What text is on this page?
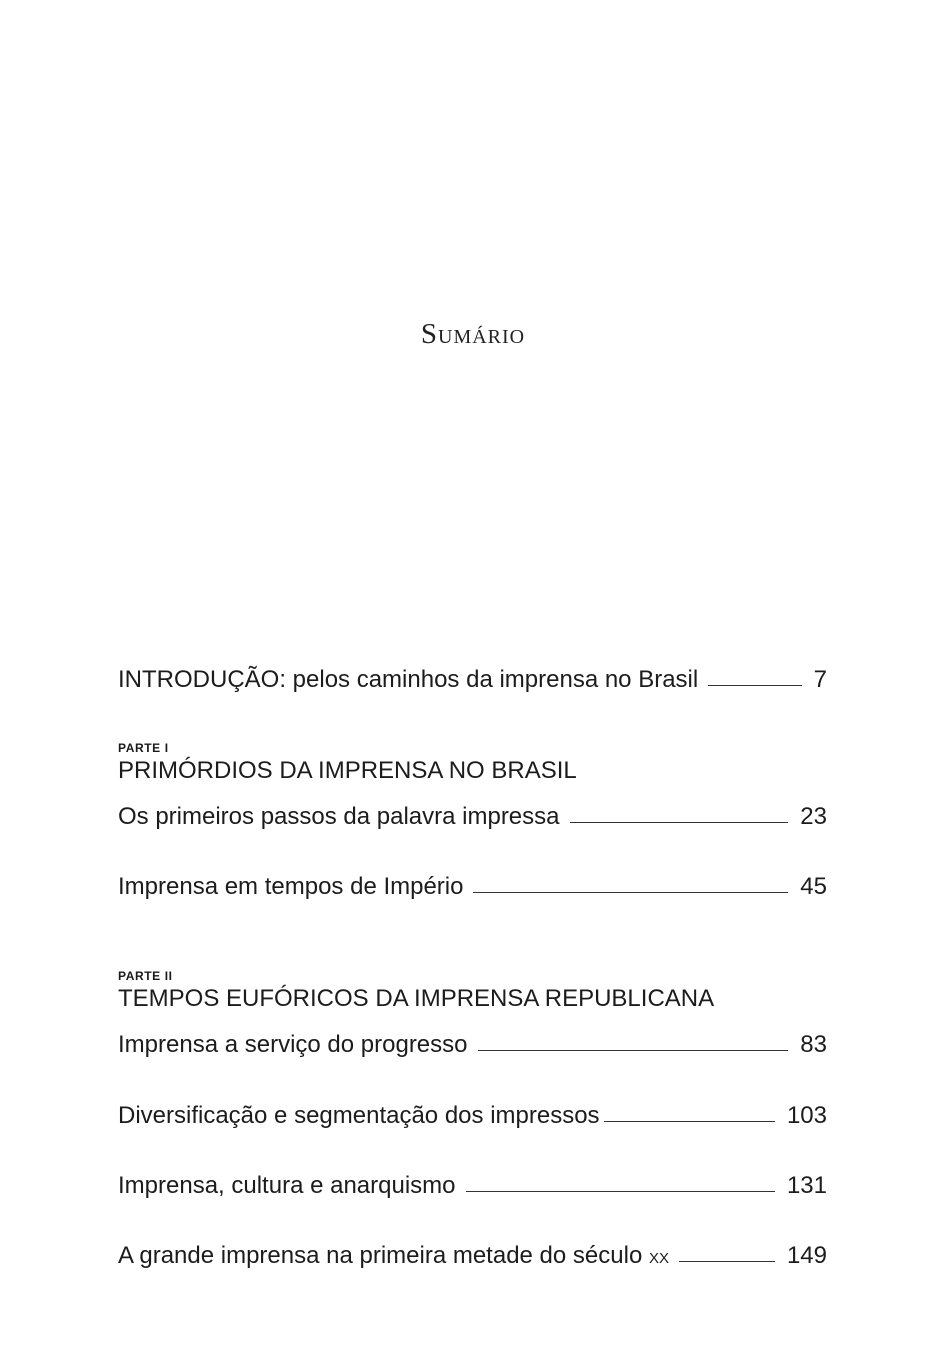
Sumário
INTRODUÇÃO: pelos caminhos da imprensa no Brasil	7
PARTE I
PRIMÓRDIOS DA IMPRENSA NO BRASIL
Os primeiros passos da palavra impressa	23
Imprensa em tempos de Império	45
PARTE II
TEMPOS EUFÓRICOS DA IMPRENSA REPUBLICANA
Imprensa a serviço do progresso	83
Diversificação e segmentação dos impressos	103
Imprensa, cultura e anarquismo	131
A grande imprensa na primeira metade do século xx	149
